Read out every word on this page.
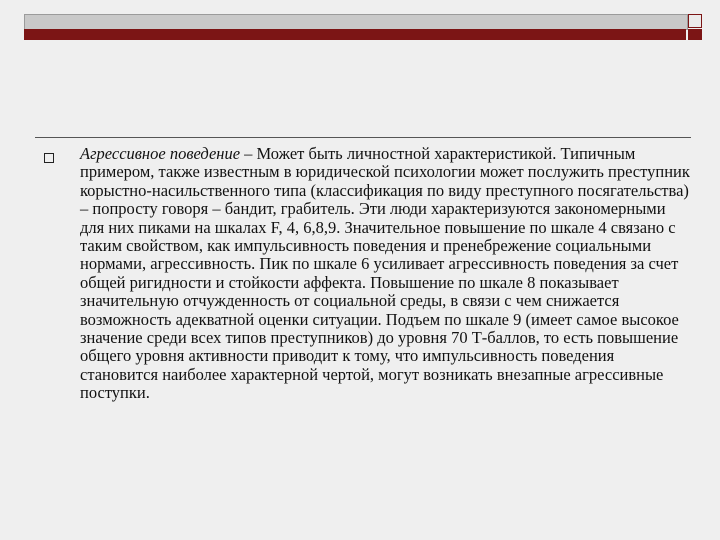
Агрессивное поведение – Может быть личностной характеристикой. Типичным примером, также известным в юридической психологии может послужить преступник корыстно-насильственного типа (классификация по виду преступного посягательства) – попросту говоря – бандит, грабитель. Эти люди характеризуются закономерными для них пиками на шкалах F, 4, 6,8,9. Значительное повышение по шкале 4 связано с таким свойством, как импульсивность поведения и пренебрежение социальными нормами, агрессивность. Пик по шкале 6 усиливает агрессивность поведения за счет общей ригидности и стойкости аффекта. Повышение по шкале 8 показывает значительную отчужденность от социальной среды, в связи с чем снижается возможность адекватной оценки ситуации. Подъем по шкале 9 (имеет самое высокое значение среди всех типов преступников) до уровня 70 Т-баллов, то есть повышение общего уровня активности приводит к тому, что импульсивность поведения становится наиболее характерной чертой, могут возникать внезапные агрессивные поступки.
